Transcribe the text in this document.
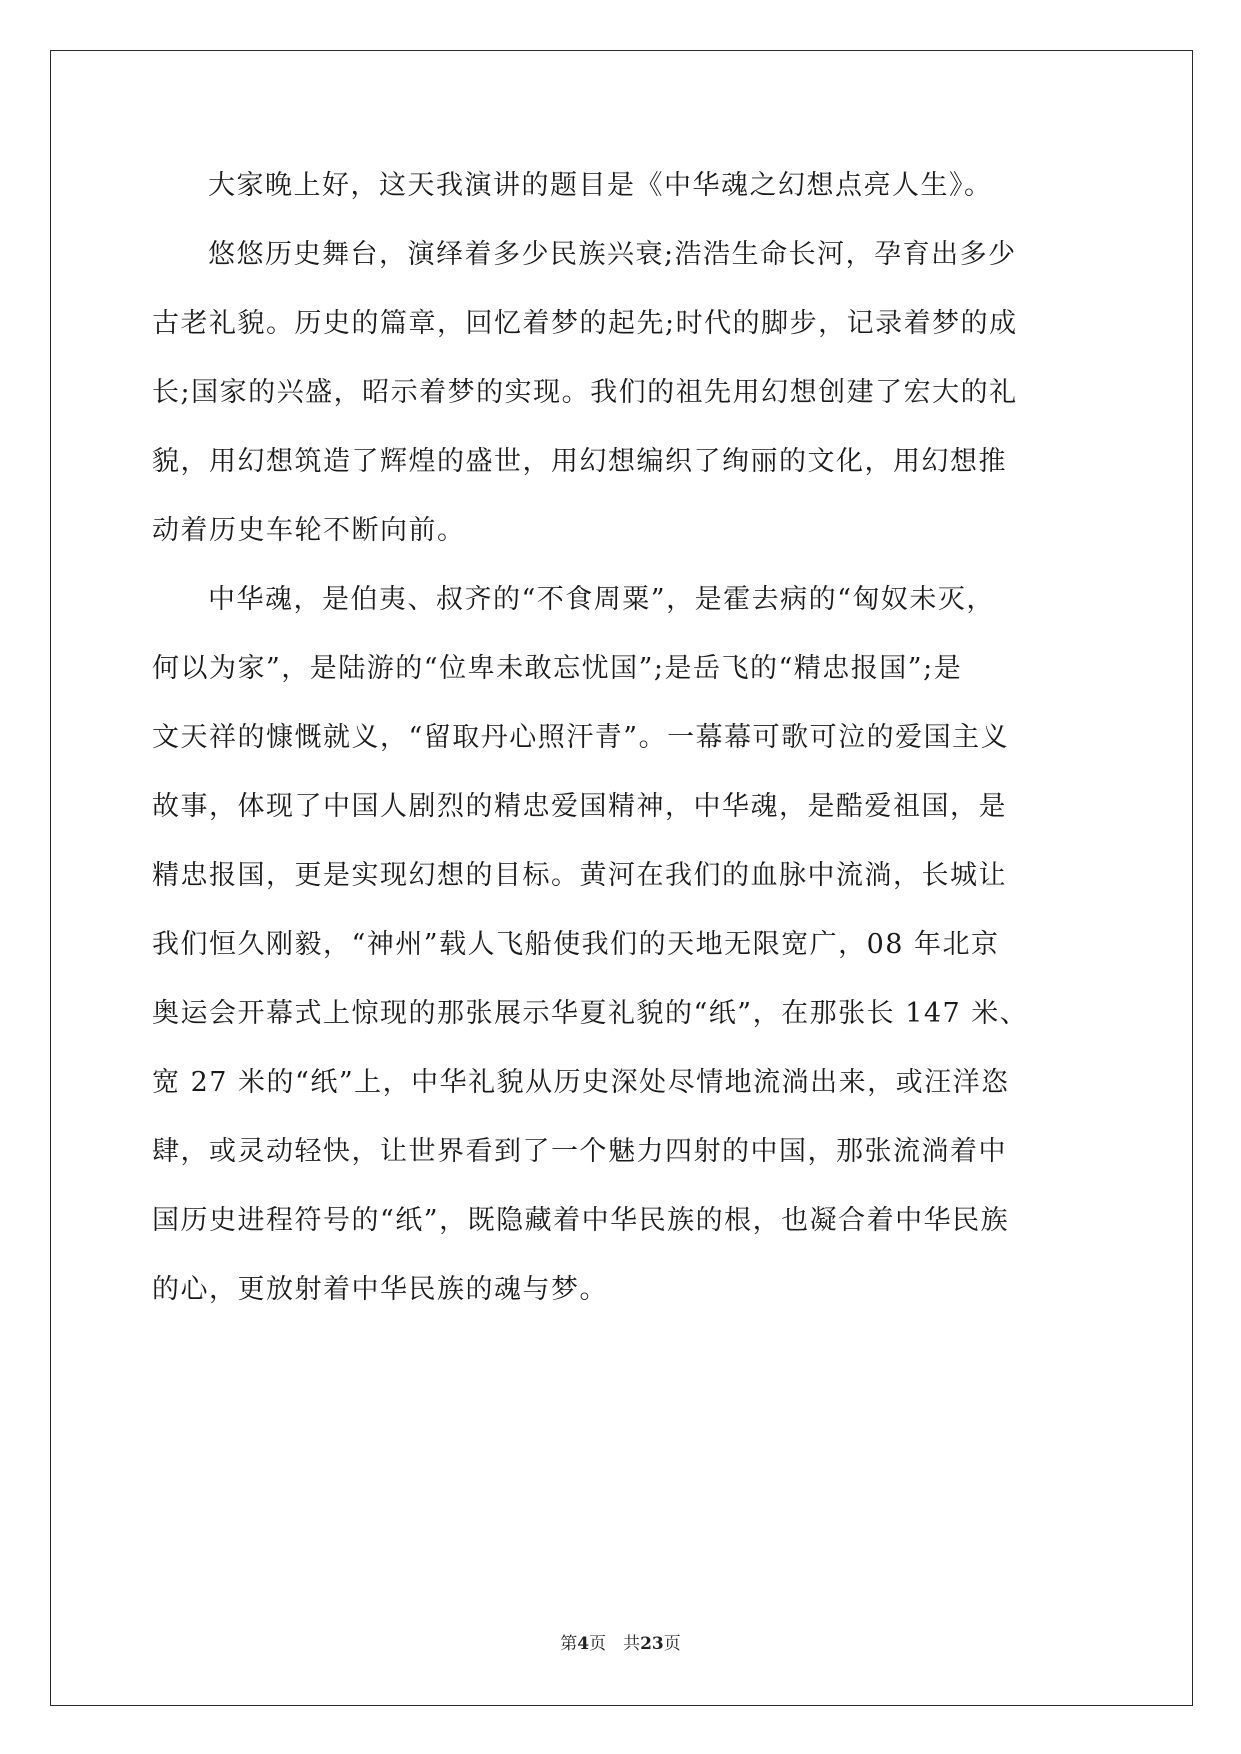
大家晚上好，这天我演讲的题目是《中华魂之幻想点亮人生》。
悠悠历史舞台，演绎着多少民族兴衰;浩浩生命长河，孕育出多少
古老礼貌。历史的篇章，回忆着梦的起先;时代的脚步，记录着梦的成
长;国家的兴盛，昭示着梦的实现。我们的祖先用幻想创建了宏大的礼
貌，用幻想筑造了辉煌的盛世，用幻想编织了绚丽的文化，用幻想推
动着历史车轮不断向前。
中华魂，是伯夷、叔齐的“不食周粟”，是霍去病的“匈奴未灭，
何以为家”，是陆游的“位卑未敢忘忧国”;是岳飞的“精忠报国”;是
文天祥的慷慨就义，“留取丹心照汗青”。一幕幕可歌可泣的爱国主义
故事，体现了中国人剧烈的精忠爱国精神，中华魂，是酷爱祖国，是
精忠报国，更是实现幻想的目标。黄河在我们的血脉中流淌，长城让
我们恒久刚毅，“神州”载人飞船使我们的天地无限宽广，08 年北京
奥运会开幕式上惊现的那张展示华夏礼貌的“纸”，在那张长 147 米、
宽 27 米的“纸”上，中华礼貌从历史深处尽情地流淌出来，或汪洋恣
肆，或灵动轻快，让世界看到了一个魅力四射的中国，那张流淌着中
国历史进程符号的“纸”，既隐藏着中华民族的根，也凝合着中华民族
的心，更放射着中华民族的魂与梦。
第4页　共23页
